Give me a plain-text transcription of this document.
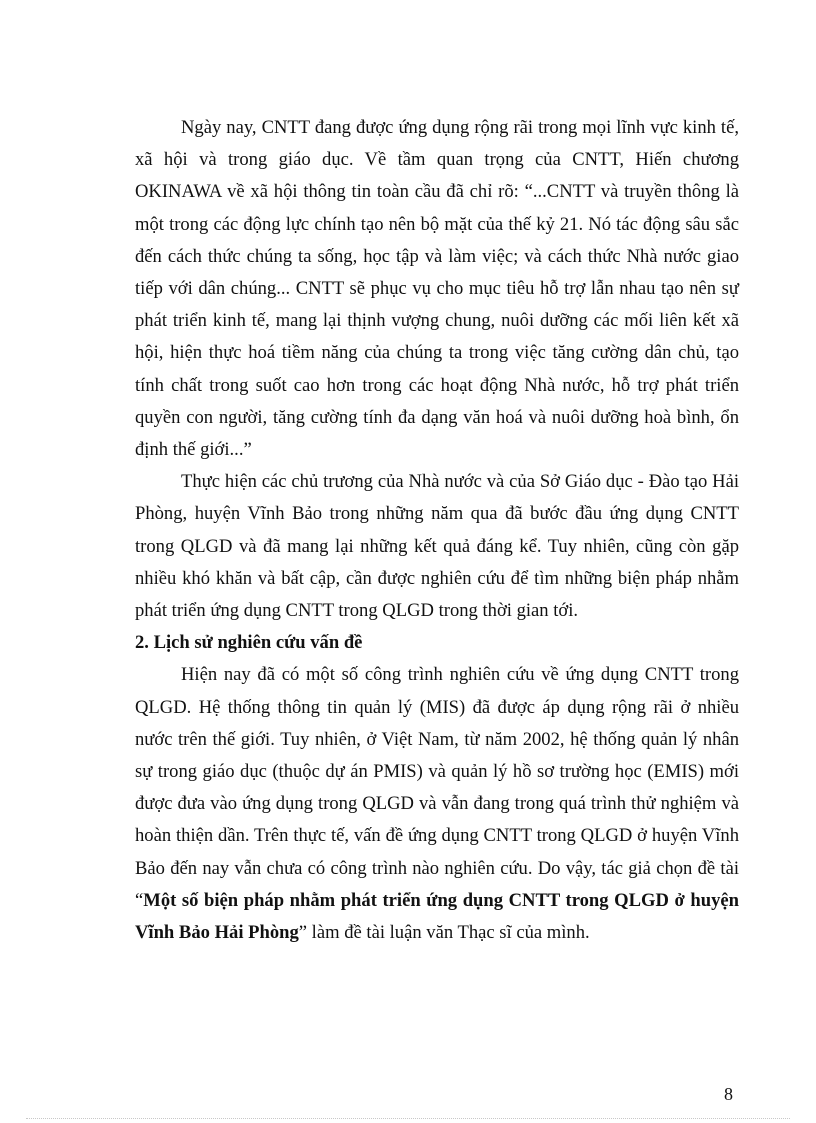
Ngày nay, CNTT đang được ứng dụng rộng rãi trong mọi lĩnh vực kinh tế, xã hội và trong giáo dục. Về tầm quan trọng của CNTT, Hiến chương OKINAWA về xã hội thông tin toàn cầu đã chỉ rõ: “...CNTT và truyền thông là một trong các động lực chính tạo nên bộ mặt của thế kỷ 21. Nó tác động sâu sắc đến cách thức chúng ta sống, học tập và làm việc; và cách thức Nhà nước giao tiếp với dân chúng... CNTT sẽ phục vụ cho mục tiêu hỗ trợ lẫn nhau tạo nên sự phát triển kinh tế, mang lại thịnh vượng chung, nuôi dưỡng các mối liên kết xã hội, hiện thực hoá tiềm năng của chúng ta trong việc tăng cường dân chủ, tạo tính chất trong suốt cao hơn trong các hoạt động Nhà nước, hỗ trợ phát triển quyền con người, tăng cường tính đa dạng văn hoá và nuôi dưỡng hoà bình, ổn định thế giới...”

Thực hiện các chủ trương của Nhà nước và của Sở Giáo dục - Đào tạo Hải Phòng, huyện Vĩnh Bảo trong những năm qua đã bước đầu ứng dụng CNTT trong QLGD và đã mang lại những kết quả đáng kể. Tuy nhiên, cũng còn gặp nhiều khó khăn và bất cập, cần được nghiên cứu để tìm những biện pháp nhằm phát triển ứng dụng CNTT trong QLGD trong thời gian tới.

2. Lịch sử nghiên cứu vấn đề

Hiện nay đã có một số công trình nghiên cứu về ứng dụng CNTT trong QLGD. Hệ thống thông tin quản lý (MIS) đã được áp dụng rộng rãi ở nhiều nước trên thế giới. Tuy nhiên, ở Việt Nam, từ năm 2002, hệ thống quản lý nhân sự trong giáo dục (thuộc dự án PMIS) và quản lý hồ sơ trường học (EMIS) mới được đưa vào ứng dụng trong QLGD và vẫn đang trong quá trình thử nghiệm và hoàn thiện dần. Trên thực tế, vấn đề ứng dụng CNTT trong QLGD ở huyện Vĩnh Bảo đến nay vẫn chưa có công trình nào nghiên cứu. Do vậy, tác giả chọn đề tài “Một số biện pháp nhằm phát triển ứng dụng CNTT trong QLGD ở huyện Vĩnh Bảo Hải Phòng” làm đề tài luận văn Thạc sĩ của mình.

8
